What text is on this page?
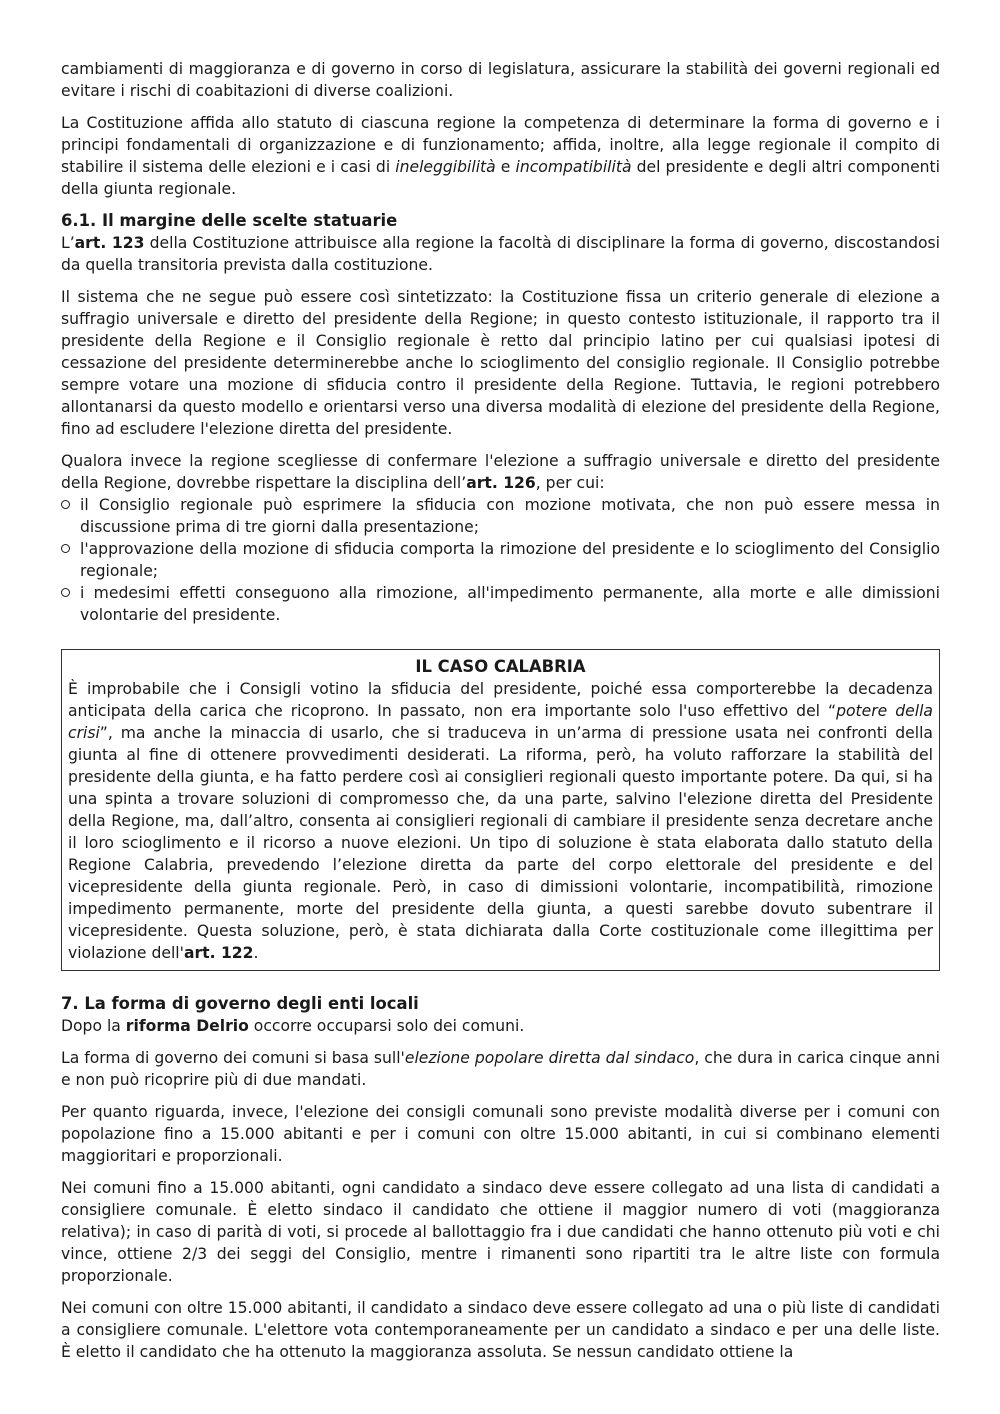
cambiamenti di maggioranza e di governo in corso di legislatura, assicurare la stabilità dei governi regionali ed evitare i rischi di coabitazioni di diverse coalizioni.

La Costituzione affida allo statuto di ciascuna regione la competenza di determinare la forma di governo e i principi fondamentali di organizzazione e di funzionamento; affida, inoltre, alla legge regionale il compito di stabilire il sistema delle elezioni e i casi di ineleggibilità e incompatibilità del presidente e degli altri componenti della giunta regionale.

6.1. Il margine delle scelte statuarie

L’art. 123 della Costituzione attribuisce alla regione la facoltà di disciplinare la forma di governo, discostandosi da quella transitoria prevista dalla costituzione.

Il sistema che ne segue può essere così sintetizzato: la Costituzione fissa un criterio generale di elezione a suffragio universale e diretto del presidente della Regione; in questo contesto istituzionale, il rapporto tra il presidente della Regione e il Consiglio regionale è retto dal principio latino per cui qualsiasi ipotesi di cessazione del presidente determinerebbe anche lo scioglimento del consiglio regionale. Il Consiglio potrebbe sempre votare una mozione di sfiducia contro il presidente della Regione. Tuttavia, le regioni potrebbero allontanarsi da questo modello e orientarsi verso una diversa modalità di elezione del presidente della Regione, fino ad escludere l'elezione diretta del presidente.

Qualora invece la regione scegliesse di confermare l'elezione a suffragio universale e diretto del presidente della Regione, dovrebbe rispettare la disciplina dell’art. 126, per cui:

il Consiglio regionale può esprimere la sfiducia con mozione motivata, che non può essere messa in discussione prima di tre giorni dalla presentazione;
l'approvazione della mozione di sfiducia comporta la rimozione del presidente e lo scioglimento del Consiglio regionale;
i medesimi effetti conseguono alla rimozione, all'impedimento permanente, alla morte e alle dimissioni volontarie del presidente.
IL CASO CALABRIA

È improbabile che i Consigli votino la sfiducia del presidente, poiché essa comporterebbe la decadenza anticipata della carica che ricoprono. In passato, non era importante solo l'uso effettivo del “potere della crisi”, ma anche la minaccia di usarlo, che si traduceva in un’arma di pressione usata nei confronti della giunta al fine di ottenere provvedimenti desiderati. La riforma, però, ha voluto rafforzare la stabilità del presidente della giunta, e ha fatto perdere così ai consiglieri regionali questo importante potere. Da qui, si ha una spinta a trovare soluzioni di compromesso che, da una parte, salvino l'elezione diretta del Presidente della Regione, ma, dall’altro, consenta ai consiglieri regionali di cambiare il presidente senza decretare anche il loro scioglimento e il ricorso a nuove elezioni. Un tipo di soluzione è stata elaborata dallo statuto della Regione Calabria, prevedendo l’elezione diretta da parte del corpo elettorale del presidente e del vicepresidente della giunta regionale. Però, in caso di dimissioni volontarie, incompatibilità, rimozione impedimento permanente, morte del presidente della giunta, a questi sarebbe dovuto subentrare il vicepresidente. Questa soluzione, però, è stata dichiarata dalla Corte costituzionale come illegittima per violazione dell'art. 122.

7. La forma di governo degli enti locali

Dopo la riforma Delrio occorre occuparsi solo dei comuni.

La forma di governo dei comuni si basa sull'elezione popolare diretta dal sindaco, che dura in carica cinque anni e non può ricoprire più di due mandati.

Per quanto riguarda, invece, l'elezione dei consigli comunali sono previste modalità diverse per i comuni con popolazione fino a 15.000 abitanti e per i comuni con oltre 15.000 abitanti, in cui si combinano elementi maggioritari e proporzionali.

Nei comuni fino a 15.000 abitanti, ogni candidato a sindaco deve essere collegato ad una lista di candidati a consigliere comunale. È eletto sindaco il candidato che ottiene il maggior numero di voti (maggioranza relativa); in caso di parità di voti, si procede al ballottaggio fra i due candidati che hanno ottenuto più voti e chi vince, ottiene 2/3 dei seggi del Consiglio, mentre i rimanenti sono ripartiti tra le altre liste con formula proporzionale.

Nei comuni con oltre 15.000 abitanti, il candidato a sindaco deve essere collegato ad una o più liste di candidati a consigliere comunale. L'elettore vota contemporaneamente per un candidato a sindaco e per una delle liste. È eletto il candidato che ha ottenuto la maggioranza assoluta. Se nessun candidato ottiene la
